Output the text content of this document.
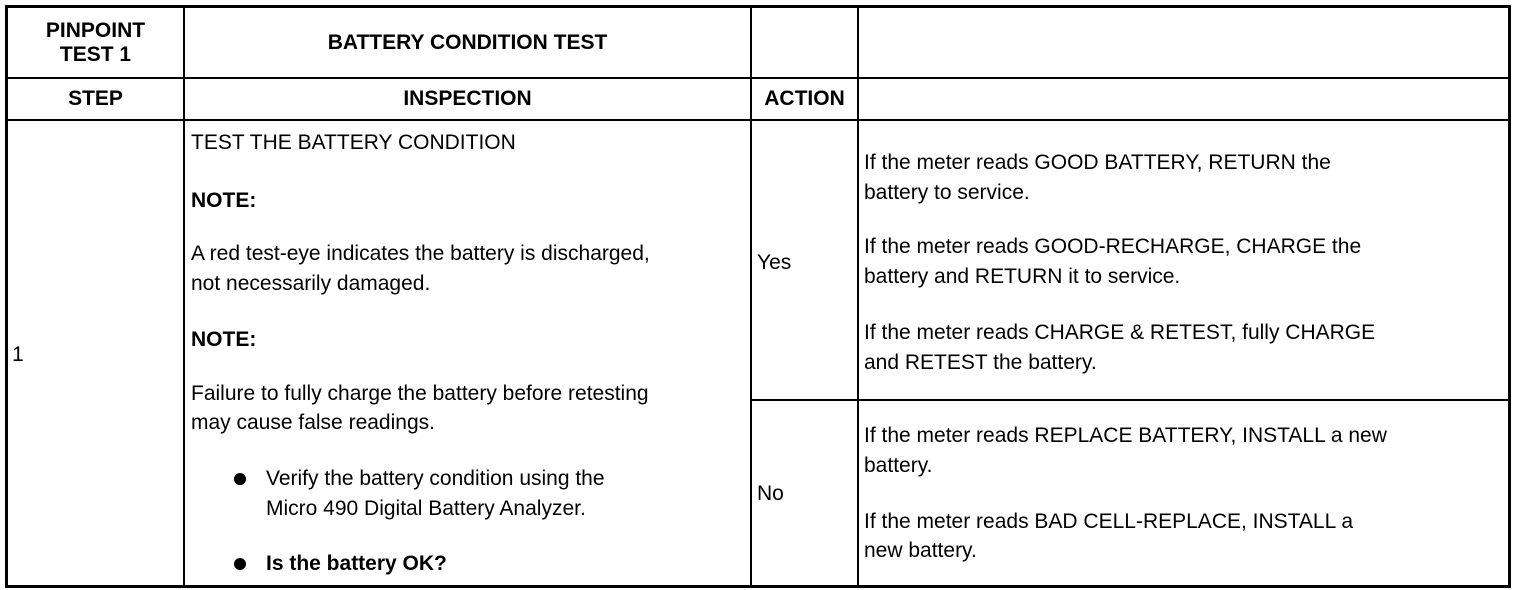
PINPOINT
TEST 1
BATTERY CONDITION TEST
STEP	INSPECTION	ACTION
1
TEST THE BATTERY CONDITION
NOTE:
A red test-eye indicates the battery is discharged,
not necessarily damaged.
NOTE:
Failure to fully charge the battery before retesting
may cause false readings.
Verify the battery condition using the
Micro 490 Digital Battery Analyzer.
Is the battery OK?
Yes
No
If the meter reads GOOD BATTERY, RETURN the
battery to service.
If the meter reads GOOD-RECHARGE, CHARGE the
battery and RETURN it to service.
If the meter reads CHARGE & RETEST, fully CHARGE
and RETEST the battery.
If the meter reads REPLACE BATTERY, INSTALL a new
battery.
If the meter reads BAD CELL-REPLACE, INSTALL a
new battery.
